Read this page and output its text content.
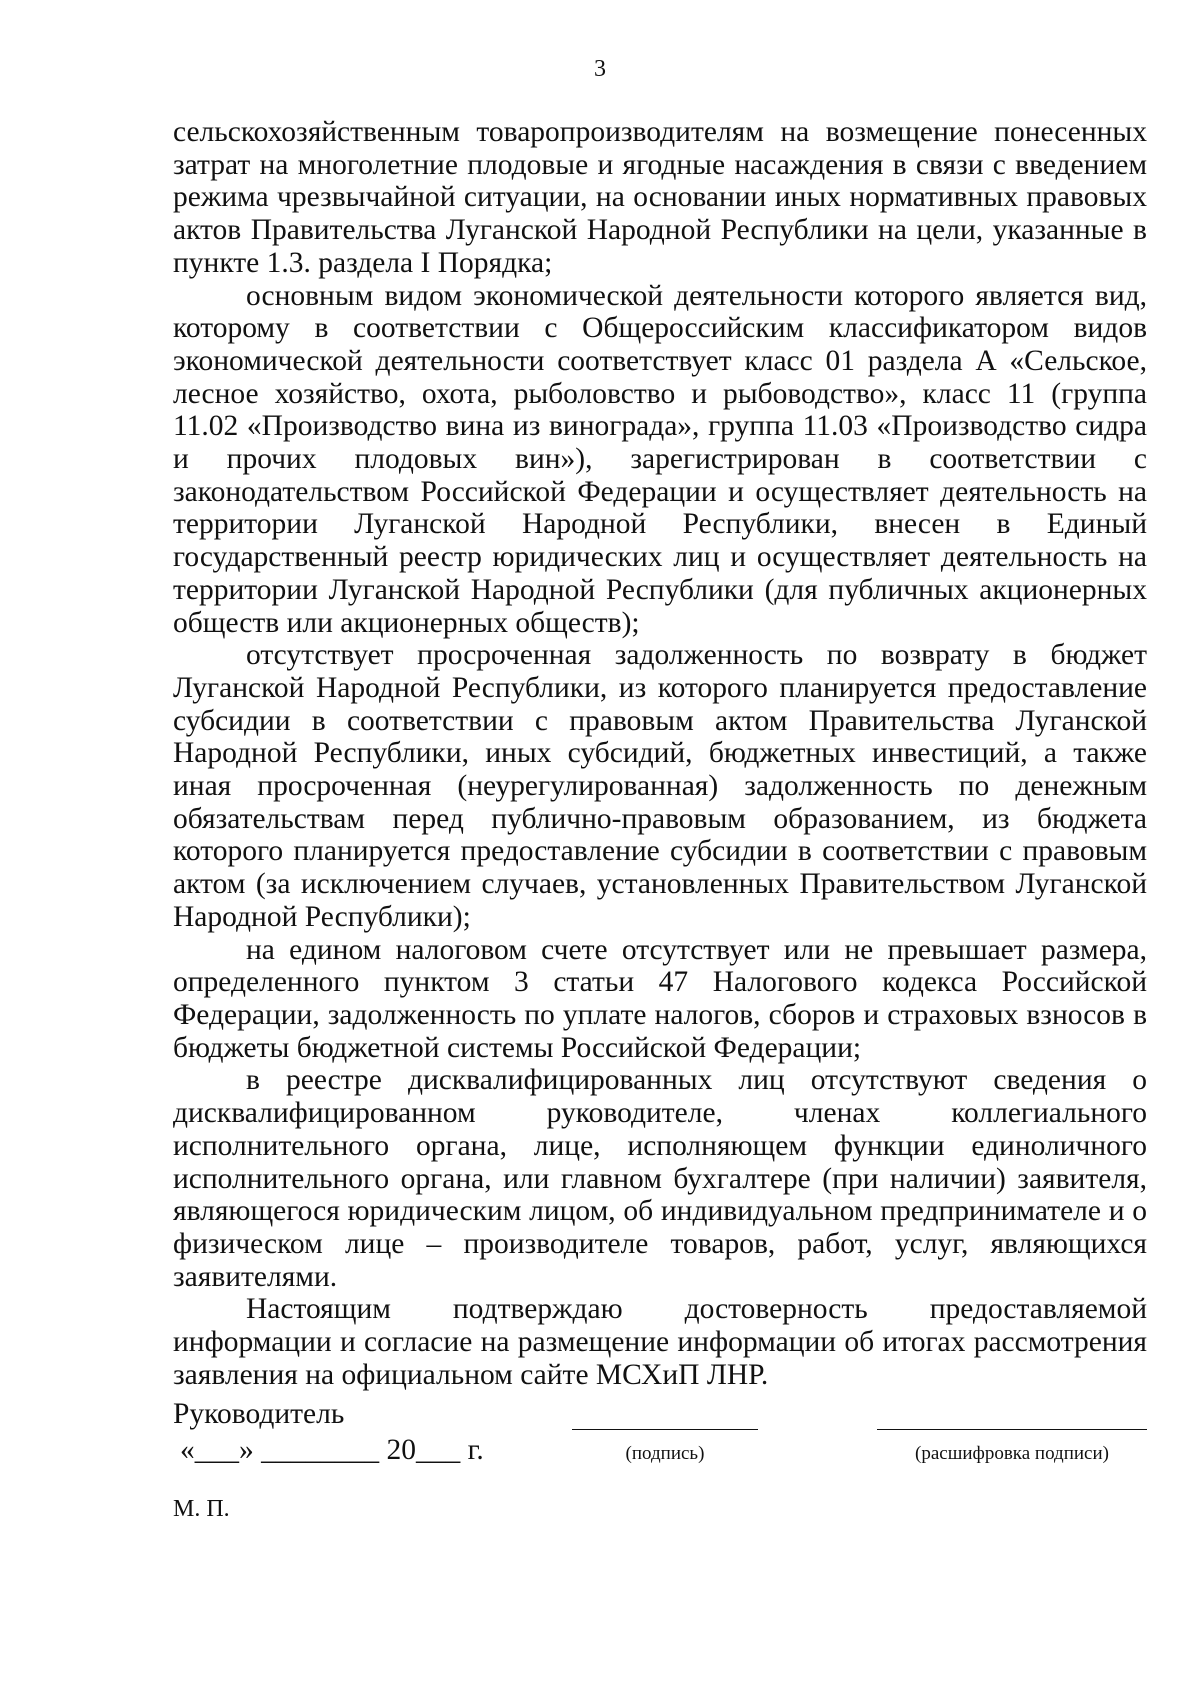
3

сельскохозяйственным товаропроизводителям на возмещение понесенных затрат на многолетние плодовые и ягодные насаждения в связи с введением режима чрезвычайной ситуации, на основании иных нормативных правовых актов Правительства Луганской Народной Республики на цели, указанные в пункте 1.3. раздела I Порядка;

основным видом экономической деятельности которого является вид, которому в соответствии с Общероссийским классификатором видов экономической деятельности соответствует класс 01 раздела А «Сельское, лесное хозяйство, охота, рыболовство и рыбоводство», класс 11 (группа 11.02 «Производство вина из винограда», группа 11.03 «Производство сидра и прочих плодовых вин»), зарегистрирован в соответствии с законодательством Российской Федерации и осуществляет деятельность на территории Луганской Народной Республики, внесен в Единый государственный реестр юридических лиц и осуществляет деятельность на территории Луганской Народной Республики (для публичных акционерных обществ или акционерных обществ);

отсутствует просроченная задолженность по возврату в бюджет Луганской Народной Республики, из которого планируется предоставление субсидии в соответствии с правовым актом Правительства Луганской Народной Республики, иных субсидий, бюджетных инвестиций, а также иная просроченная (неурегулированная) задолженность по денежным обязательствам перед публично-правовым образованием, из бюджета которого планируется предоставление субсидии в соответствии с правовым актом (за исключением случаев, установленных Правительством Луганской Народной Республики);

на едином налоговом счете отсутствует или не превышает размера, определенного пунктом 3 статьи 47 Налогового кодекса Российской Федерации, задолженность по уплате налогов, сборов и страховых взносов в бюджеты бюджетной системы Российской Федерации;

в реестре дисквалифицированных лиц отсутствуют сведения о дисквалифицированном руководителе, членах коллегиального исполнительного органа, лице, исполняющем функции единоличного исполнительного органа, или главном бухгалтере (при наличии) заявителя, являющегося юридическим лицом, об индивидуальном предпринимателе и о физическом лице – производителе товаров, работ, услуг, являющихся заявителями.

Настоящим подтверждаю достоверность предоставляемой информации и согласие на размещение информации об итогах рассмотрения заявления на официальном сайте МСХиП ЛНР.

Руководитель
«___» ________ 20___ г.	(подпись)	(расшифровка подписи)
М. П.
